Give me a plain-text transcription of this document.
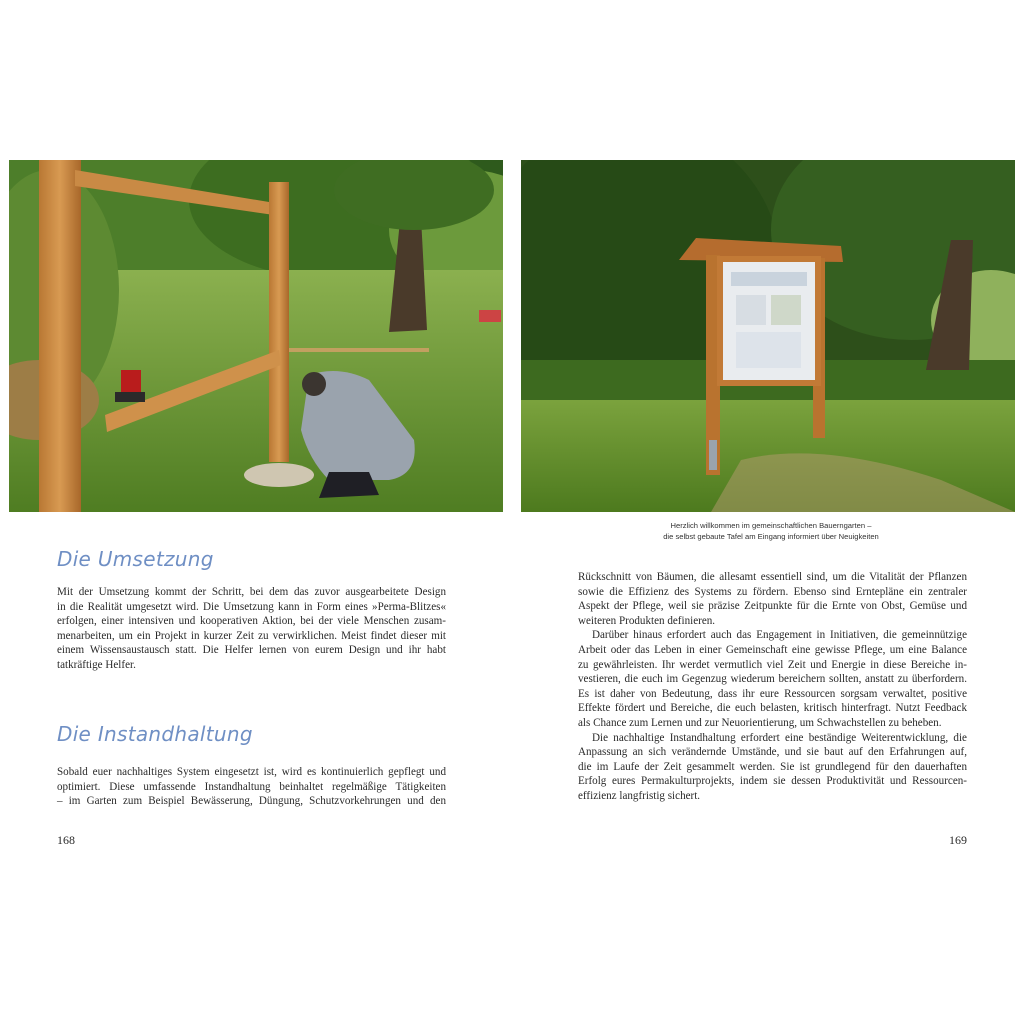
Herzlich willkommen im gemeinschaftlichen Bauerngarten –
die selbst gebaute Tafel am Eingang informiert über Neuigkeiten
Die Umsetzung

Mit der Umsetzung kommt der Schritt, bei dem das zuvor ausgearbeitete Design
in die Realität umgesetzt wird. Die Umsetzung kann in Form eines »Perma-Blitzes«
erfolgen, einer intensiven und kooperativen Aktion, bei der viele Menschen zusam-
menarbeiten, um ein Projekt in kurzer Zeit zu verwirklichen. Meist findet dieser mit
einem Wissensaustausch statt. Die Helfer lernen von eurem Design und ihr habt
tatkräftige Helfer.

Die Instandhaltung

Sobald euer nachhaltiges System eingesetzt ist, wird es kontinuierlich gepflegt und
optimiert. Diese umfassende Instandhaltung beinhaltet regelmäßige Tätigkeiten
– im Garten zum Beispiel Bewässerung, Düngung, Schutzvorkehrungen und den

Rückschnitt von Bäumen, die allesamt essentiell sind, um die Vitalität der Pflanzen
sowie die Effizienz des Systems zu fördern. Ebenso sind Erntepläne ein zentraler
Aspekt der Pflege, weil sie präzise Zeitpunkte für die Ernte von Obst, Gemüse und
weiteren Produkten definieren.
Darüber hinaus erfordert auch das Engagement in Initiativen, die gemeinnützige
Arbeit oder das Leben in einer Gemeinschaft eine gewisse Pflege, um eine Balance
zu gewährleisten. Ihr werdet vermutlich viel Zeit und Energie in diese Bereiche in-
vestieren, die euch im Gegenzug wiederum bereichern sollten, anstatt zu überfordern.
Es ist daher von Bedeutung, dass ihr eure Ressourcen sorgsam verwaltet, positive
Effekte fördert und Bereiche, die euch belasten, kritisch hinterfragt. Nutzt Feedback
als Chance zum Lernen und zur Neuorientierung, um Schwachstellen zu beheben.
Die nachhaltige Instandhaltung erfordert eine beständige Weiterentwicklung, die
Anpassung an sich verändernde Umstände, und sie baut auf den Erfahrungen auf,
die im Laufe der Zeit gesammelt werden. Sie ist grundlegend für den dauerhaften
Erfolg eures Permakulturprojekts, indem sie dessen Produktivität und Ressourcen-
effizienz langfristig sichert.

168	169
